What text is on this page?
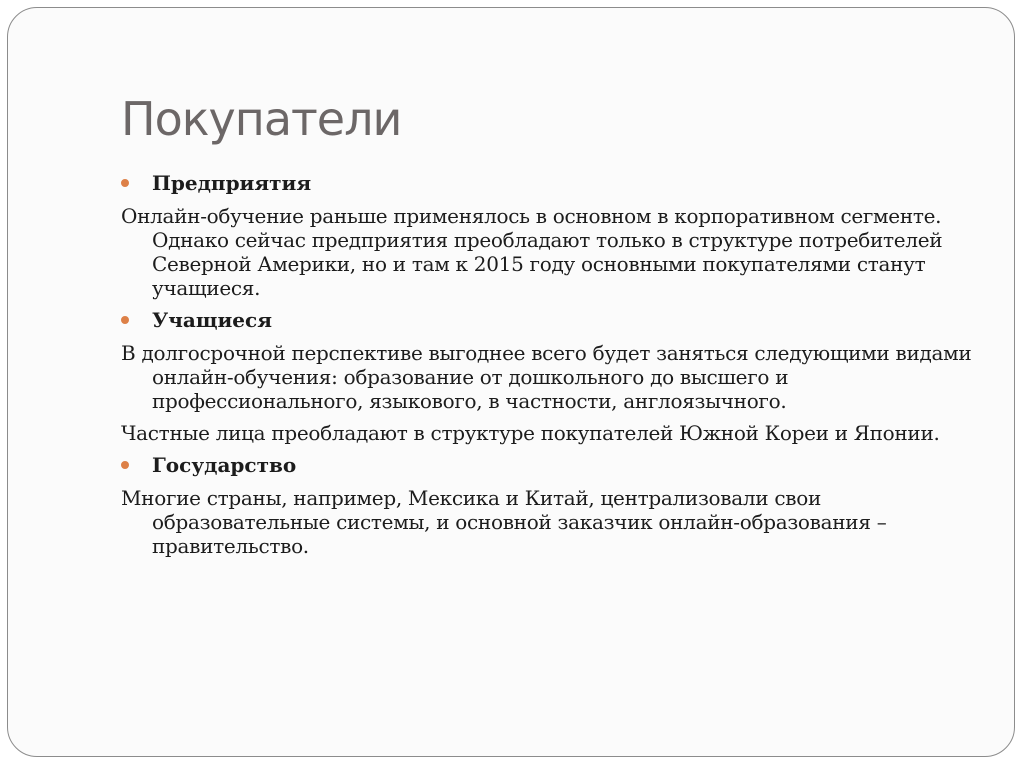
Покупатели
Предприятия

Онлайн-обучение раньше применялось в основном в корпоративном сегменте. Однако сейчас предприятия преобладают только в структуре потребителей Северной Америки, но и там к 2015 году основными покупателями станут учащиеся.

Учащиеся

В долгосрочной перспективе выгоднее всего будет заняться следующими видами онлайн-обучения: образование от дошкольного до высшего и профессионального, языкового, в частности, англоязычного.

Частные лица преобладают в структуре покупателей Южной Кореи и Японии.

Государство

Многие страны, например, Мексика и Китай, централизовали свои образовательные системы, и основной заказчик онлайн-образования – правительство.
